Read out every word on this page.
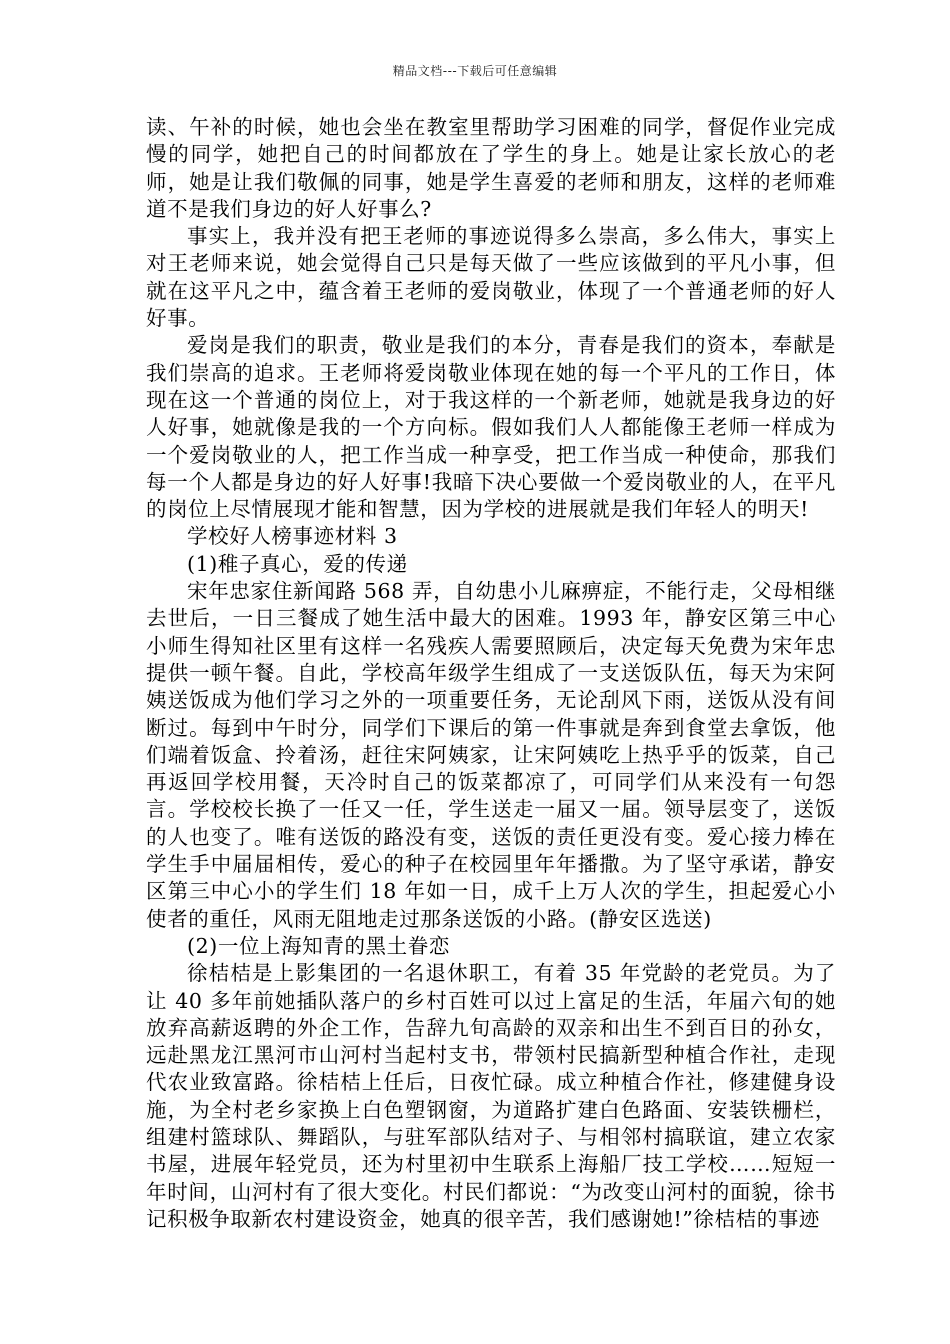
精品文档---下载后可任意编辑

读、午补的时候，她也会坐在教室里帮助学习困难的同学，督促作业完成慢的同学，她把自己的时间都放在了学生的身上。她是让家长放心的老师，她是让我们敬佩的同事，她是学生喜爱的老师和朋友，这样的老师难道不是我们身边的好人好事么?

事实上，我并没有把王老师的事迹说得多么崇高，多么伟大，事实上对王老师来说，她会觉得自己只是每天做了一些应该做到的平凡小事，但就在这平凡之中，蕴含着王老师的爱岗敬业，体现了一个普通老师的好人好事。

爱岗是我们的职责，敬业是我们的本分，青春是我们的资本，奉献是我们崇高的追求。王老师将爱岗敬业体现在她的每一个平凡的工作日，体现在这一个普通的岗位上，对于我这样的一个新老师，她就是我身边的好人好事，她就像是我的一个方向标。假如我们人人都能像王老师一样成为一个爱岗敬业的人，把工作当成一种享受，把工作当成一种使命，那我们每一个人都是身边的好人好事!我暗下决心要做一个爱岗敬业的人，在平凡的岗位上尽情展现才能和智慧，因为学校的进展就是我们年轻人的明天!

学校好人榜事迹材料 3

(1)稚子真心，爱的传递

宋年忠家住新闻路 568 弄，自幼患小儿麻痹症，不能行走，父母相继去世后，一日三餐成了她生活中最大的困难。1993 年，静安区第三中心小师生得知社区里有这样一名残疾人需要照顾后，决定每天免费为宋年忠提供一顿午餐。自此，学校高年级学生组成了一支送饭队伍，每天为宋阿姨送饭成为他们学习之外的一项重要任务，无论刮风下雨，送饭从没有间断过。每到中午时分，同学们下课后的第一件事就是奔到食堂去拿饭，他们端着饭盒、拎着汤，赶往宋阿姨家，让宋阿姨吃上热乎乎的饭菜，自己再返回学校用餐，天冷时自己的饭菜都凉了，可同学们从来没有一句怨言。学校校长换了一任又一任，学生送走一届又一届。领导层变了，送饭的人也变了。唯有送饭的路没有变，送饭的责任更没有变。爱心接力棒在学生手中届届相传，爱心的种子在校园里年年播撒。为了坚守承诺，静安区第三中心小的学生们 18 年如一日，成千上万人次的学生，担起爱心小使者的重任，风雨无阻地走过那条送饭的小路。(静安区选送)

(2)一位上海知青的黑土眷恋

徐桔桔是上影集团的一名退休职工，有着 35 年党龄的老党员。为了让 40 多年前她插队落户的乡村百姓可以过上富足的生活，年届六旬的她放弃高薪返聘的外企工作，告辞九旬高龄的双亲和出生不到百日的孙女，远赴黑龙江黑河市山河村当起村支书，带领村民搞新型种植合作社，走现代农业致富路。徐桔桔上任后，日夜忙碌。成立种植合作社，修建健身设施，为全村老乡家换上白色塑钢窗，为道路扩建白色路面、安装铁栅栏，组建村篮球队、舞蹈队，与驻军部队结对子、与相邻村搞联谊，建立农家书屋，进展年轻党员，还为村里初中生联系上海船厂技工学校……短短一年时间，山河村有了很大变化。村民们都说：“为改变山河村的面貌，徐书记积极争取新农村建设资金，她真的很辛苦，我们感谢她!”徐桔桔的事迹
